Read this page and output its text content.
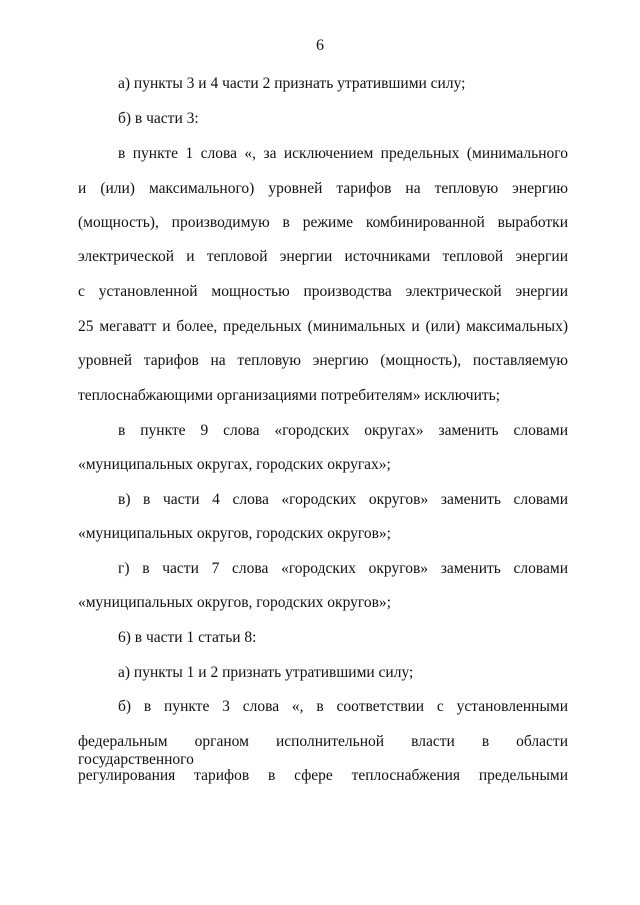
6
а) пункты 3 и 4 части 2 признать утратившими силу;
б) в части 3:
в пункте 1 слова «, за исключением предельных (минимального
и (или) максимального) уровней тарифов на тепловую энергию
(мощность), производимую в режиме комбинированной выработки
электрической и тепловой энергии источниками тепловой энергии
с установленной мощностью производства электрической энергии
25 мегаватт и более, предельных (минимальных и (или) максимальных)
уровней тарифов на тепловую энергию (мощность), поставляемую
теплоснабжающими организациями потребителям» исключить;
в пункте 9 слова «городских округах» заменить словами
«муниципальных округах, городских округах»;
в) в части 4 слова «городских округов» заменить словами
«муниципальных округов, городских округов»;
г) в части 7 слова «городских округов» заменить словами
«муниципальных округов, городских округов»;
6) в части 1 статьи 8:
а) пункты 1 и 2 признать утратившими силу;
б) в пункте 3 слова «, в соответствии с установленными
федеральным органом исполнительной власти в области государственного
регулирования тарифов в сфере теплоснабжения предельными
